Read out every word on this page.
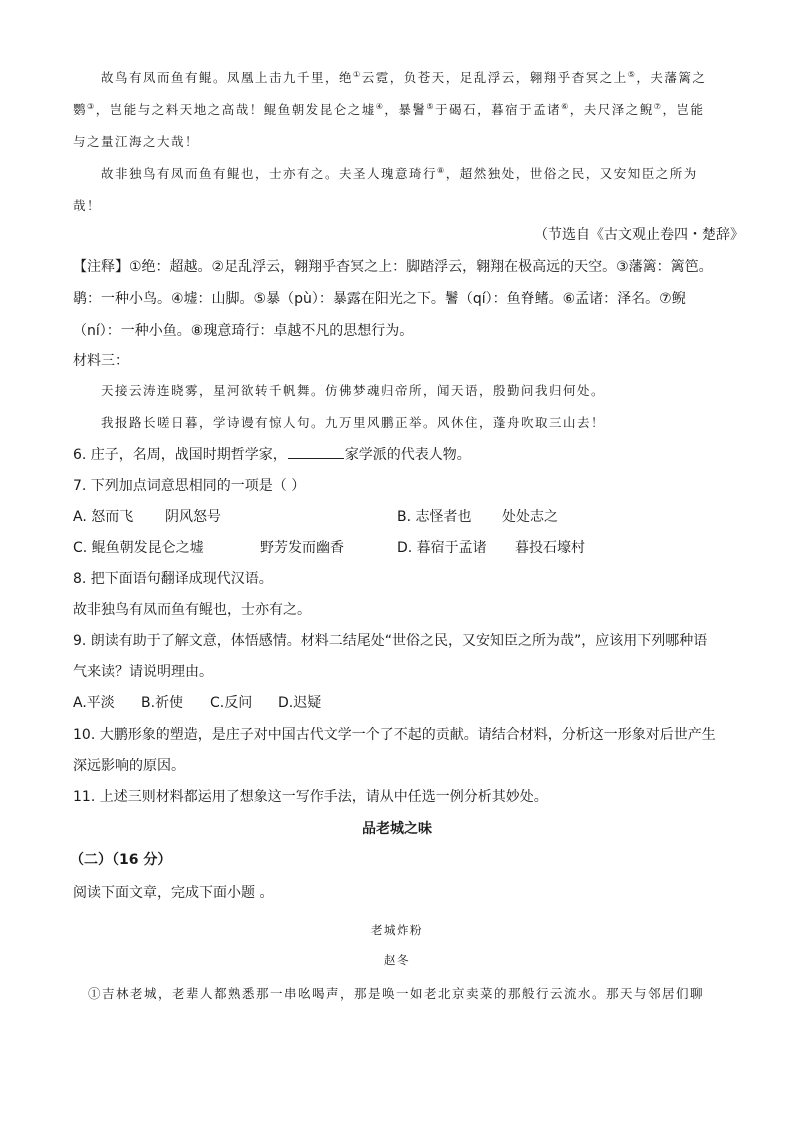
故鸟有凤而鱼有鲲。凤凰上击九千里，绝①云霓，负苍天，足乱浮云，翱翔乎杳冥之上⑤，夫藩篱之
鹦③，岂能与之料天地之高哉！鲲鱼朝发昆仑之墟④，暴鬐⑤于碣石，暮宿于孟诸⑥，夫尺泽之鲵⑦，岂能
与之量江海之大哉！
故非独鸟有凤而鱼有鲲也，士亦有之。夫圣人瑰意琦行⑧，超然独处，世俗之民，又安知臣之所为
哉！
（节选自《古文观止卷四・楚辞》
【注释】①绝：超越。②足乱浮云，翱翔乎杳冥之上：脚踏浮云，翱翔在极高远的天空。③藩篱：篱笆。
鹖：一种小鸟。④墟：山脚。⑤暴（pù）：暴露在阳光之下。鬐（qí）：鱼脊鳍。⑥孟诸：泽名。⑦鲵
（ní）：一种小鱼。⑧瑰意琦行：卓越不凡的思想行为。
材料三：
天接云涛连晓雾，星河欲转千帆舞。仿佛梦魂归帝所，闻天语，殷勤问我归何处。
我报路长嗟日暮，学诗谩有惊人句。九万里风鹏正举。风休住，蓬舟吹取三山去！
6. 庄子，名周，战国时期哲学家，	家学派的代表人物。
7. 下列加点词意思相同的一项是（ ）
A. 怒而飞 阴风怒号	B. 志怪者也 处处志之
C. 鲲鱼朝发昆仑之墟	野芳发而幽香	D. 暮宿于孟诸 暮投石壕村
8. 把下面语句翻译成现代汉语。
故非独鸟有凤而鱼有鲲也，士亦有之。
9. 朗读有助于了解文意，体悟感情。材料二结尾处“世俗之民，又安知臣之所为哉”，应该用下列哪种语
气来读？请说明理由。
A.平淡 B.祈使 C.反问 D.迟疑
10. 大鹏形象的塑造，是庄子对中国古代文学一个了不起的贡献。请结合材料，分析这一形象对后世产生
深远影响的原因。
11. 上述三则材料都运用了想象这一写作手法，请从中任选一例分析其妙处。
品老城之味
（二）（16 分）
阅读下面文章，完成下面小题 。
老城炸粉
赵冬
①吉林老城，老辈人都熟悉那一串吆喝声，那是唤一如老北京卖菜的那般行云流水。那天与邻居们聊
